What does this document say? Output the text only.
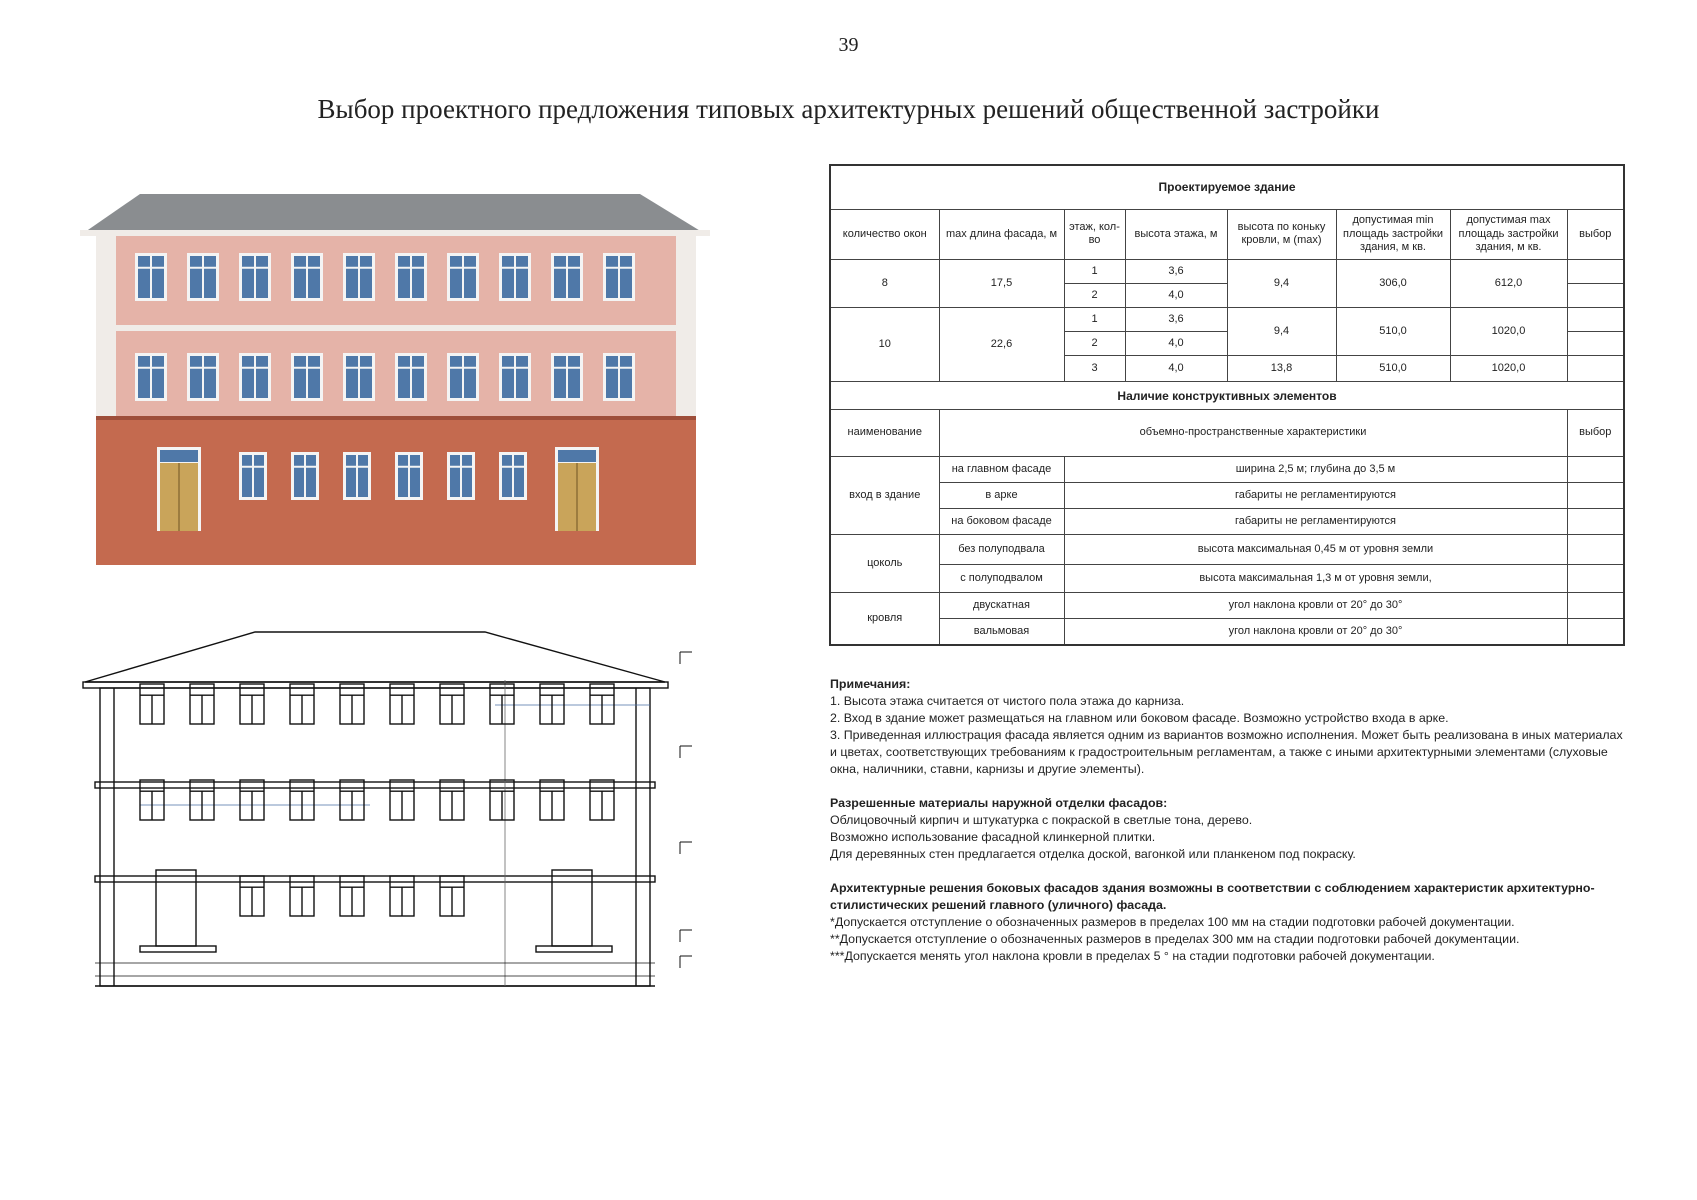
39
Выбор проектного предложения типовых архитектурных решений общественной застройки
Проектируемое здание							
количество окон	max длина фасада, м	этаж, кол-во	высота этажа, м	высота по коньку кровли, м (max)	допустимая min площадь застройки здания, м кв.	допустимая max площадь застройки здания, м кв.	выбор
8	17,5	1	3,6	9,4	306,0	612,0	
		2	4,0				
10	22,6	1	3,6	9,4	510,0	1020,0	
		2	4,0				
		3	4,0	13,8	510,0	1020,0	
Наличие конструктивных элементов							
наименование	объемно-пространственные характеристики						выбор
вход в здание	на главном фасаде	ширина 2,5 м; глубина до 3,5 м					
	в арке	габариты не регламентируются					
	на боковом фасаде	габариты не регламентируются					
цоколь	без полуподвала	высота максимальная 0,45 м от уровня земли					
	с полуподвалом	высота максимальная 1,3 м от уровня земли,					
кровля	двускатная	угол наклона кровли от 20° до 30°					
	вальмовая	угол наклона кровли от 20° до 30°					
Примечания:
1. Высота этажа считается от чистого пола этажа до карниза.
2. Вход в здание может размещаться на главном или боковом фасаде. Возможно устройство входа в арке.
3. Приведенная иллюстрация фасада является одним из вариантов возможно исполнения. Может быть реализована в иных материалах и цветах, соответствующих требованиям к градостроительным регламентам, а также с иными архитектурными элементами (слуховые окна, наличники, ставни, карнизы и другие элементы).
Разрешенные материалы наружной отделки фасадов:
Облицовочный кирпич и штукатурка с покраской в светлые тона, дерево.
Возможно использование фасадной клинкерной плитки.
Для деревянных стен предлагается отделка доской, вагонкой или планкеном под покраску.
Архитектурные решения боковых фасадов здания возможны в соответствии с соблюдением характеристик архитектурно-стилистических решений главного (уличного) фасада.
*Допускается отступление о обозначенных размеров в пределах 100 мм на стадии подготовки рабочей документации.
**Допускается отступление о обозначенных размеров в пределах 300 мм на стадии подготовки рабочей документации.
***Допускается менять угол наклона кровли в пределах 5 ° на стадии подготовки рабочей документации.
